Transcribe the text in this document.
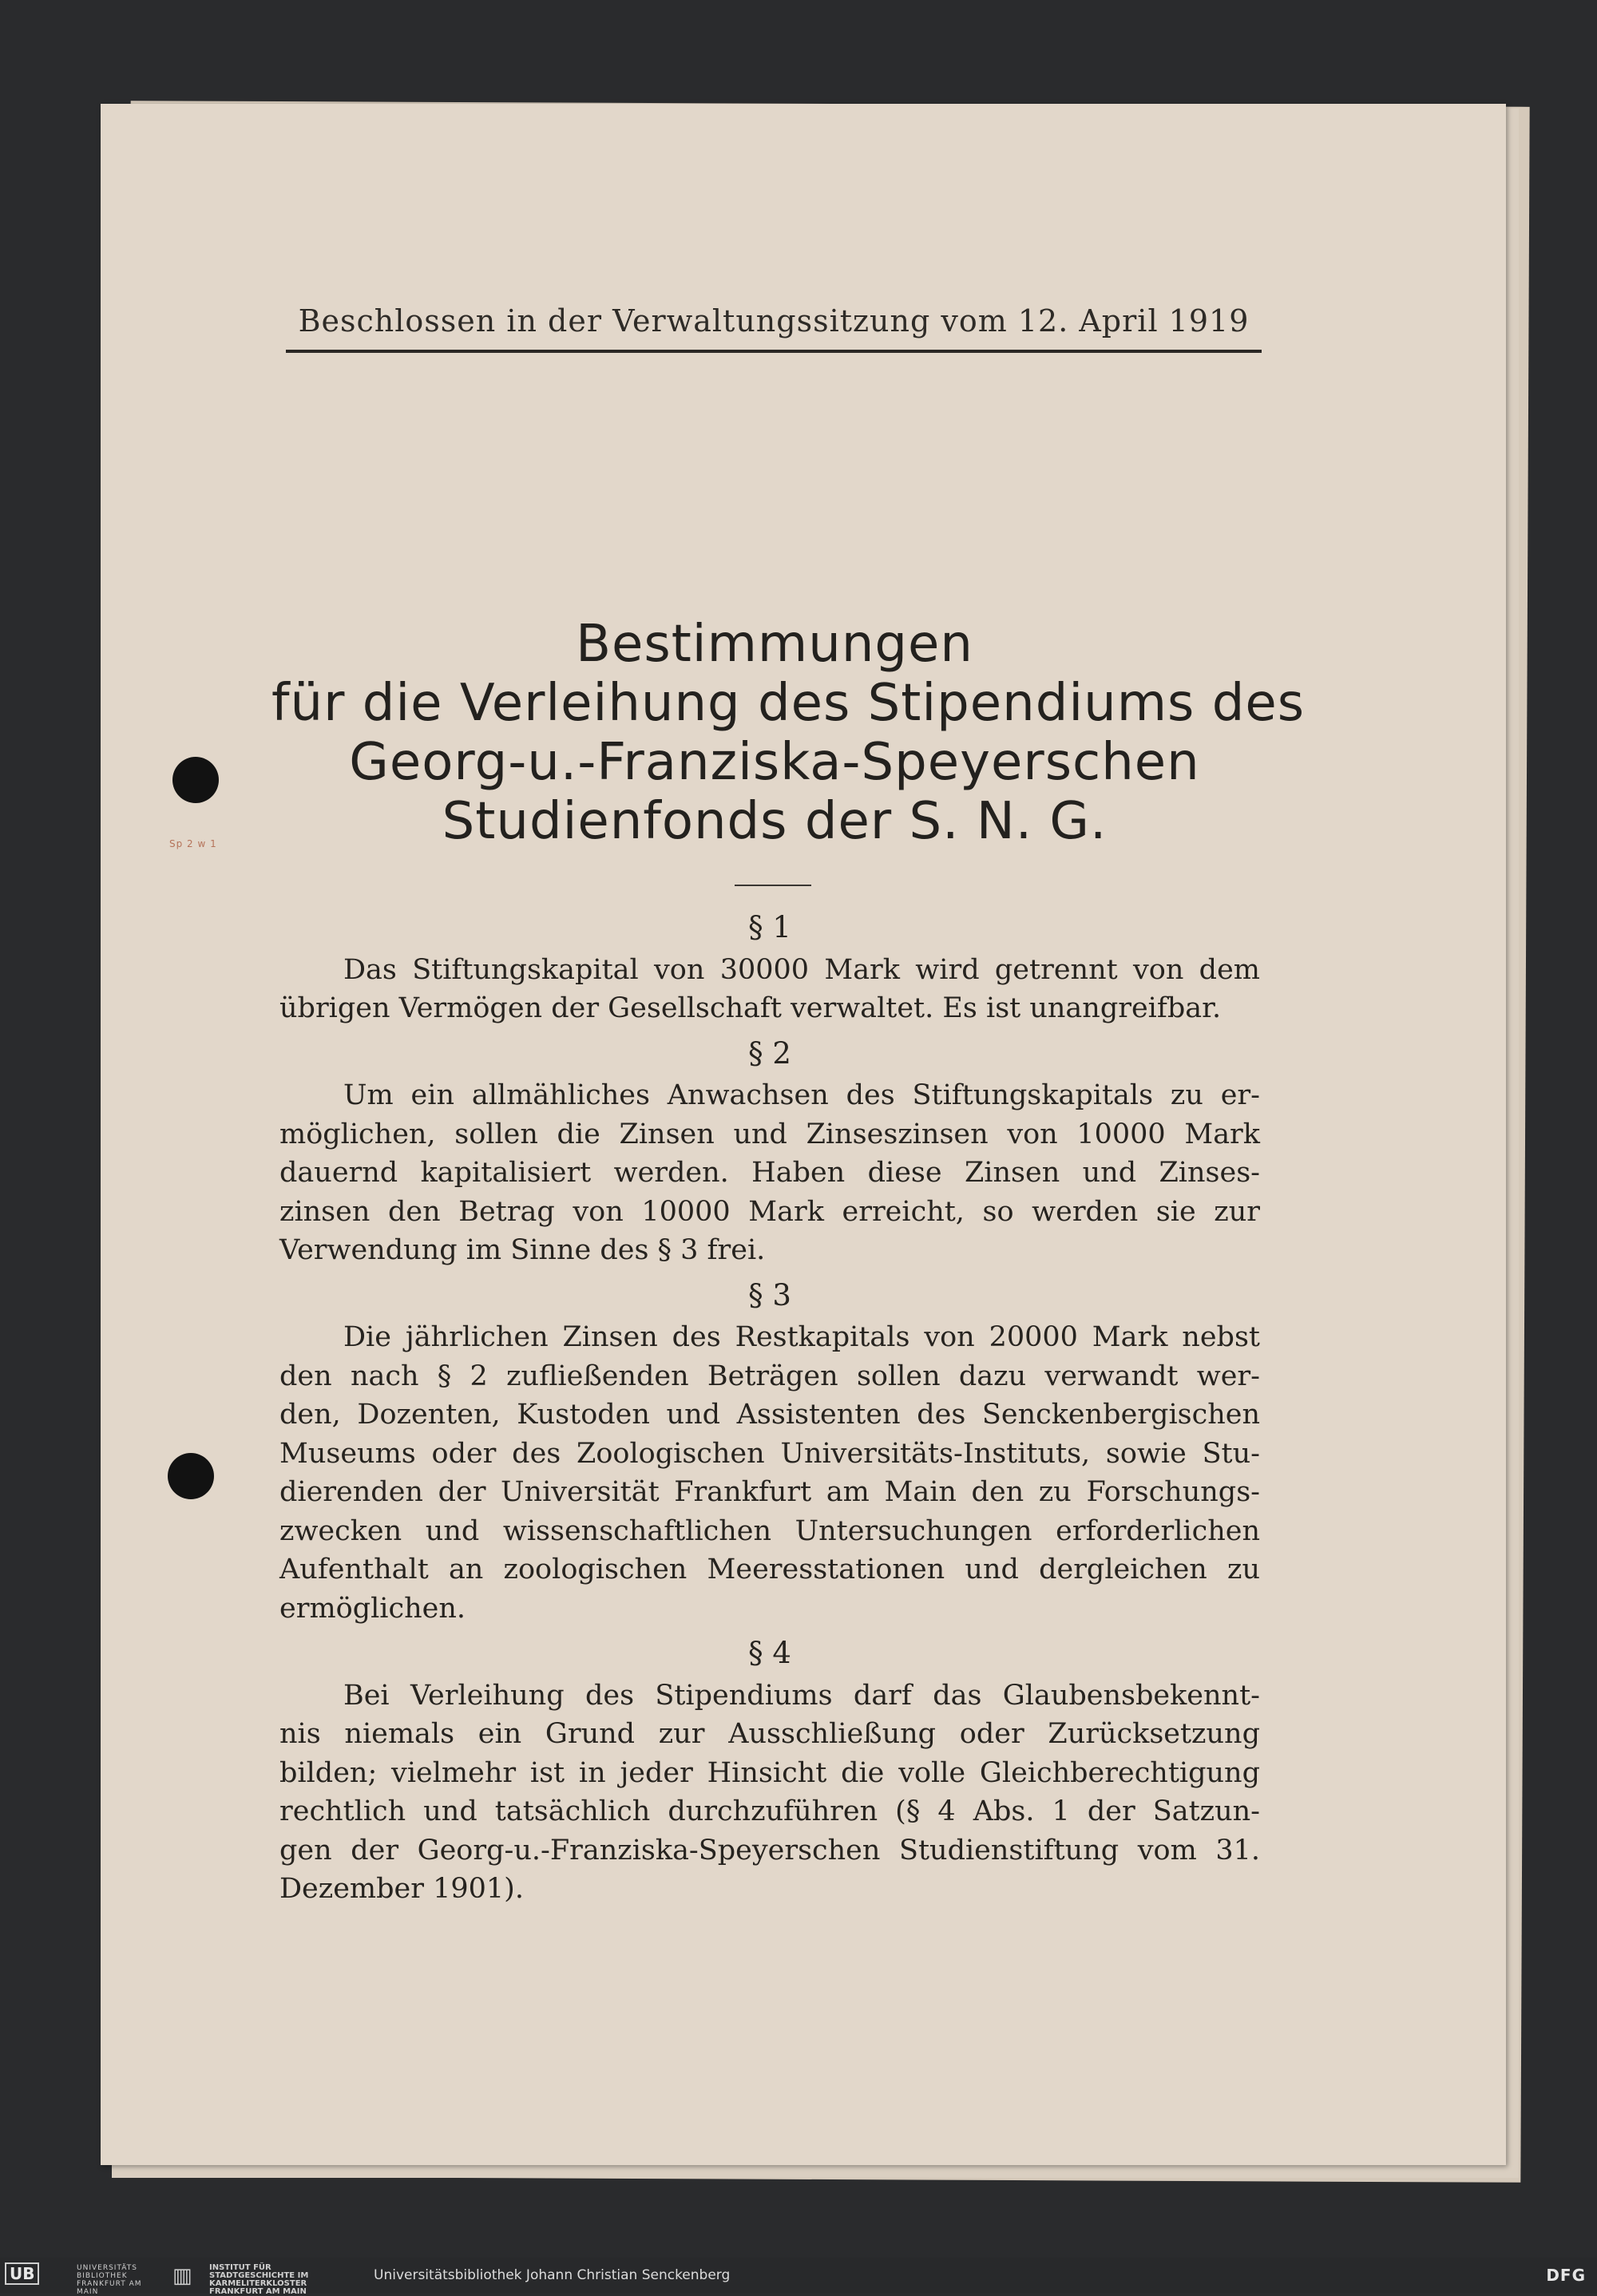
Sp 2 w 1
Beschlossen in der Verwaltungssitzung vom 12. April 1919
Bestimmungen
für die Verleihung des Stipendiums des
Georg-u.-Franziska-Speyerschen
Studienfonds der S. N. G.
§ 1
Das Stiftungskapital von 30000 Mark wird getrennt von dem
übrigen Vermögen der Gesellschaft verwaltet. Es ist unangreifbar.
§ 2
Um ein allmähliches Anwachsen des Stiftungskapitals zu er-
möglichen, sollen die Zinsen und Zinseszinsen von 10000 Mark
dauernd kapitalisiert werden. Haben diese Zinsen und Zinses-
zinsen den Betrag von 10000 Mark erreicht, so werden sie zur
Verwendung im Sinne des § 3 frei.
§ 3
Die jährlichen Zinsen des Restkapitals von 20000 Mark nebst
den nach § 2 zufließenden Beträgen sollen dazu verwandt wer-
den, Dozenten, Kustoden und Assistenten des Senckenbergischen
Museums oder des Zoologischen Universitäts-Instituts, sowie Stu-
dierenden der Universität Frankfurt am Main den zu Forschungs-
zwecken und wissenschaftlichen Untersuchungen erforderlichen
Aufenthalt an zoologischen Meeresstationen und dergleichen zu
ermöglichen.
§ 4
Bei Verleihung des Stipendiums darf das Glaubensbekennt-
nis niemals ein Grund zur Ausschließung oder Zurücksetzung
bilden; vielmehr ist in jeder Hinsicht die volle Gleichberechtigung
rechtlich und tatsächlich durchzuführen (§ 4 Abs. 1 der Satzun-
gen der Georg-u.-Franziska-Speyerschen Studienstiftung vom 31.
Dezember 1901).
UB	UNIVERSITÄTS BIBLIOTHEK FRANKFURT AM MAIN
▥ INSTITUT FÜR STADTGESCHICHTE IM KARMELITERKLOSTER FRANKFURT AM MAIN
Universitätsbibliothek Johann Christian Senckenberg	DFG
